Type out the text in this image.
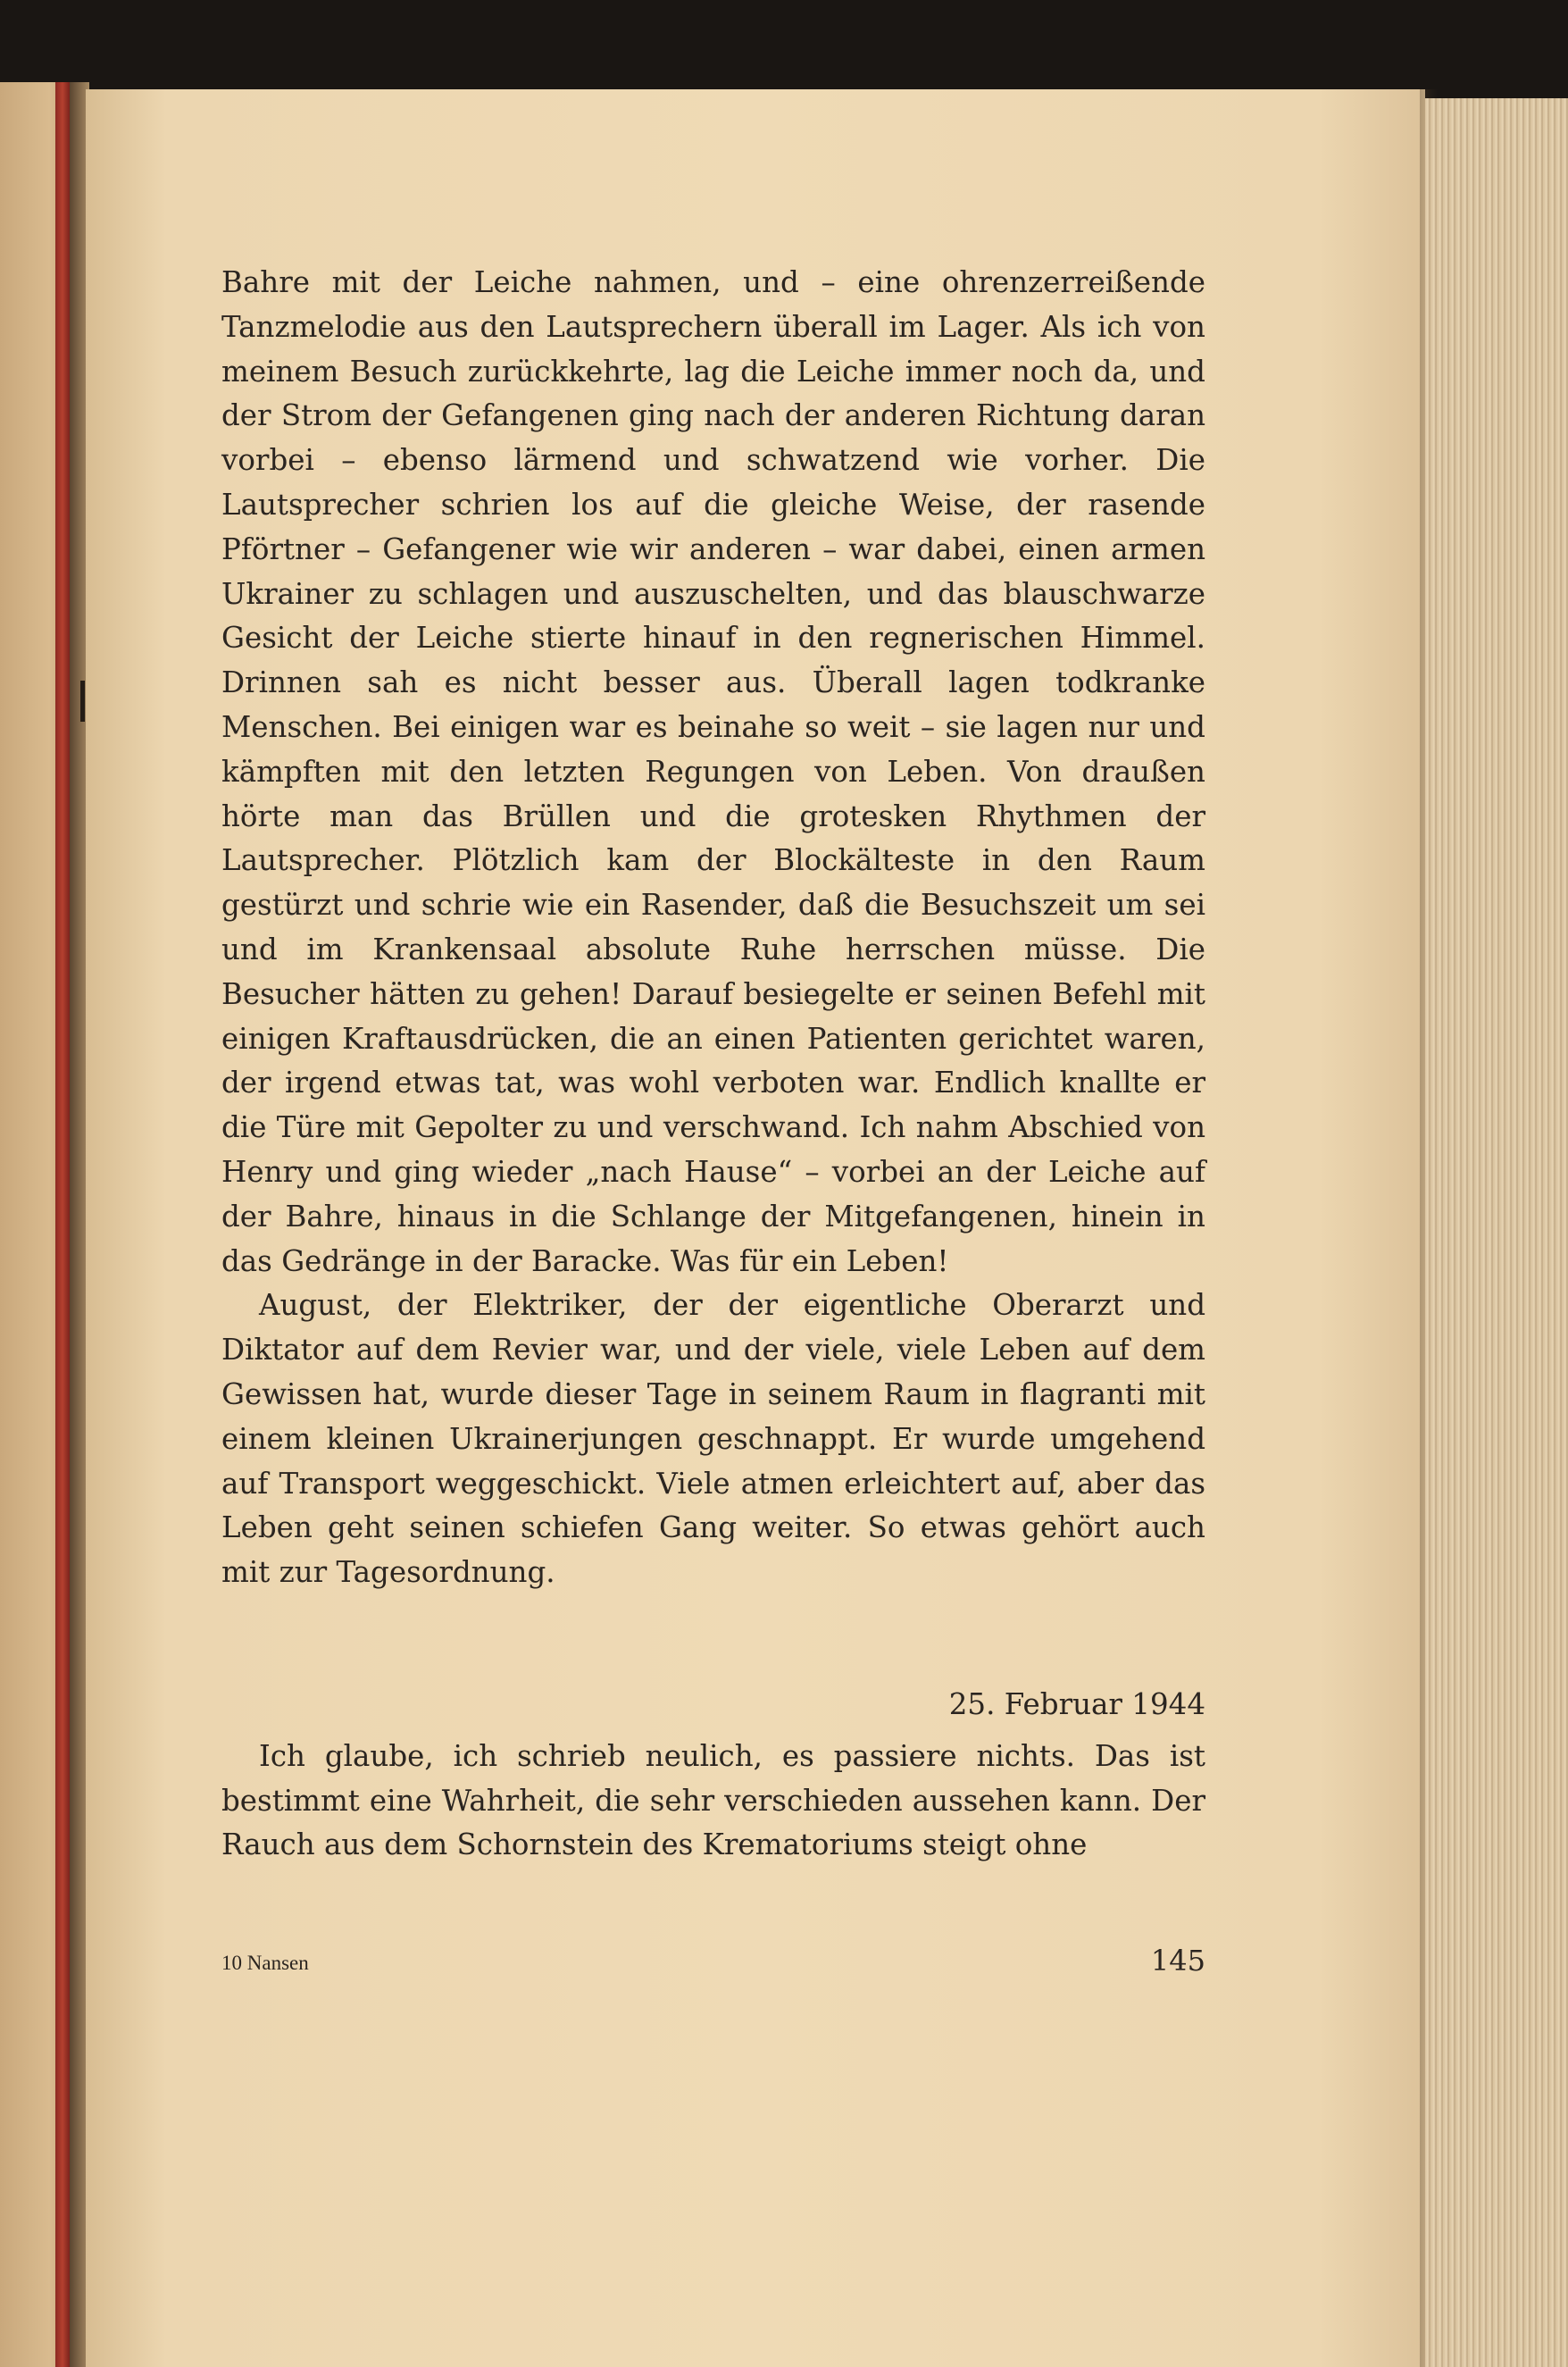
Bahre mit der Leiche nahmen, und – eine ohrenzerreißende Tanzmelodie aus den Lautsprechern überall im Lager. Als ich von meinem Besuch zurückkehrte, lag die Leiche immer noch da, und der Strom der Gefangenen ging nach der anderen Richtung daran vorbei – ebenso lärmend und schwatzend wie vorher. Die Lautsprecher schrien los auf die gleiche Weise, der rasende Pförtner – Gefangener wie wir anderen – war dabei, einen armen Ukrainer zu schlagen und auszuschelten, und das blauschwarze Gesicht der Leiche stierte hinauf in den regnerischen Himmel. Drinnen sah es nicht besser aus. Überall lagen todkranke Menschen. Bei einigen war es beinahe so weit – sie lagen nur und kämpften mit den letzten Regungen von Leben. Von draußen hörte man das Brüllen und die grotesken Rhythmen der Lautsprecher. Plötzlich kam der Blockälteste in den Raum gestürzt und schrie wie ein Rasender, daß die Besuchszeit um sei und im Krankensaal absolute Ruhe herrschen müsse. Die Besucher hätten zu gehen! Darauf besiegelte er seinen Befehl mit einigen Kraftausdrücken, die an einen Patienten gerichtet waren, der irgend etwas tat, was wohl verboten war. Endlich knallte er die Türe mit Gepolter zu und verschwand. Ich nahm Abschied von Henry und ging wieder „nach Hause“ – vorbei an der Leiche auf der Bahre, hinaus in die Schlange der Mitgefangenen, hinein in das Gedränge in der Baracke. Was für ein Leben!

August, der Elektriker, der der eigentliche Oberarzt und Diktator auf dem Revier war, und der viele, viele Leben auf dem Gewissen hat, wurde dieser Tage in seinem Raum in flagranti mit einem kleinen Ukrainerjungen geschnappt. Er wurde umgehend auf Transport weggeschickt. Viele atmen erleichtert auf, aber das Leben geht seinen schiefen Gang weiter. So etwas gehört auch mit zur Tagesordnung.

25. Februar 1944

Ich glaube, ich schrieb neulich, es passiere nichts. Das ist bestimmt eine Wahrheit, die sehr verschieden aussehen kann. Der Rauch aus dem Schornstein des Krematoriums steigt ohne

10 Nansen	145
